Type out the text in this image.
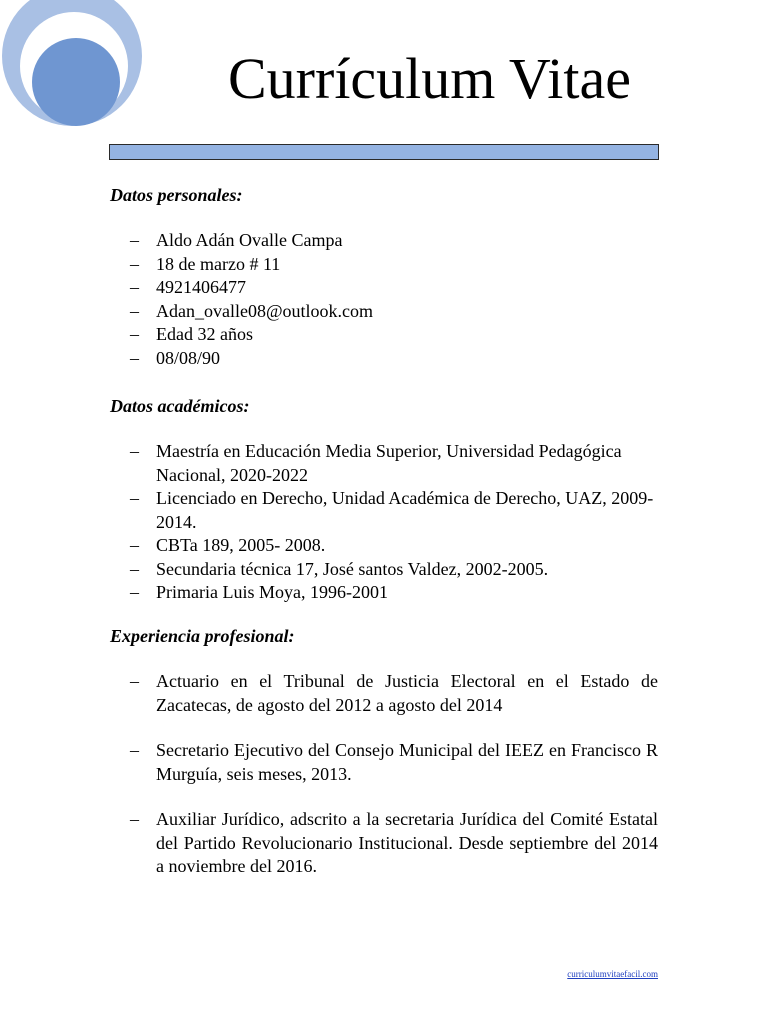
Currículum Vitae
Datos personales:
– Aldo Adán Ovalle Campa
– 18 de marzo # 11
– 4921406477
– Adan_ovalle08@outlook.com
– Edad 32 años
– 08/08/90
Datos académicos:
– Maestría en Educación Media Superior, Universidad Pedagógica Nacional, 2020-2022
– Licenciado en Derecho, Unidad Académica de Derecho, UAZ, 2009-2014.
– CBTa 189, 2005- 2008.
– Secundaria técnica 17, José santos Valdez, 2002-2005.
– Primaria Luis Moya, 1996-2001
Experiencia profesional:
– Actuario en el Tribunal de Justicia Electoral en el Estado de Zacatecas, de agosto del 2012 a agosto del 2014
– Secretario Ejecutivo del Consejo Municipal del IEEZ en Francisco R Murguía, seis meses, 2013.
– Auxiliar Jurídico, adscrito a la secretaria Jurídica del Comité Estatal del Partido Revolucionario Institucional. Desde septiembre del 2014 a noviembre del 2016.
curriculumvitaefacil.com
